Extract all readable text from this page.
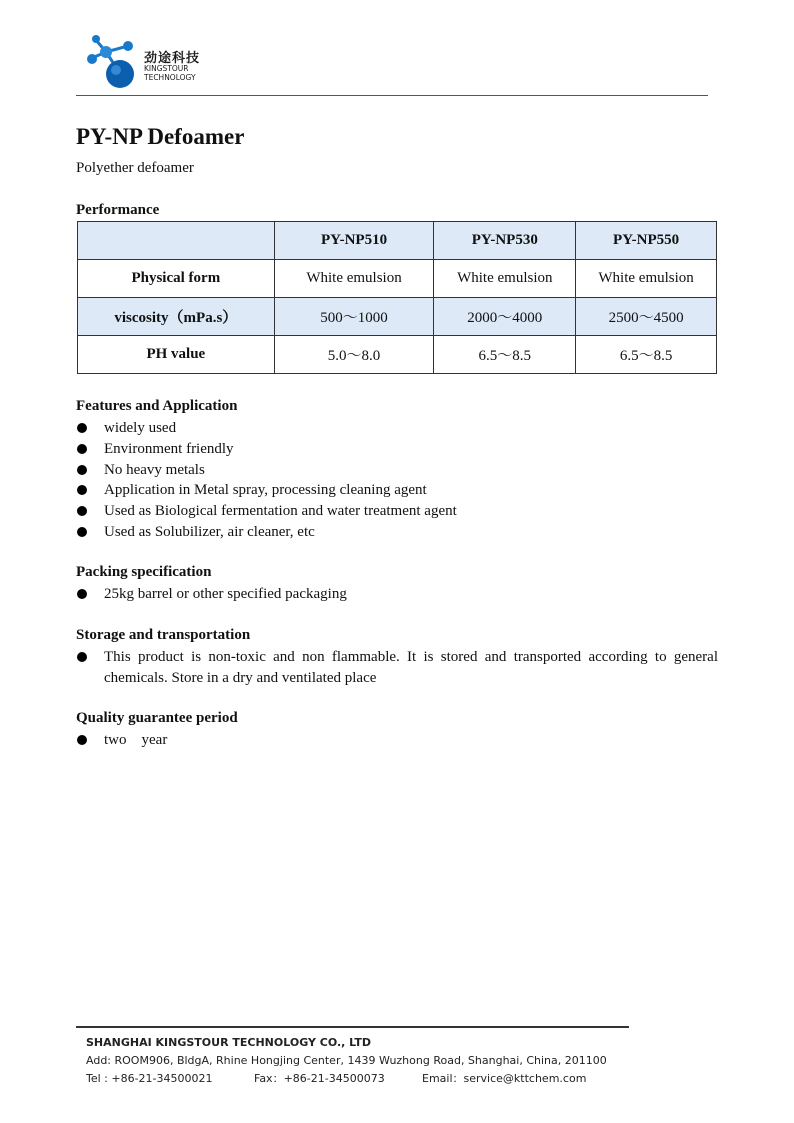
劲途科技
KINGSTOUR
TECHNOLOGY
PY-NP Defoamer
Polyether defoamer
Performance
	PY-NP510	PY-NP530	PY-NP550
Physical form	White emulsion	White emulsion	White emulsion
viscosity（mPa.s）	500～1000	2000～4000	2500～4500
PH value	5.0～8.0	6.5～8.5	6.5～8.5
Features and Application
widely used
Environment friendly
No heavy metals
Application in Metal spray, processing cleaning agent
Used as Biological fermentation and water treatment agent
Used as Solubilizer, air cleaner, etc
Packing specification
25kg barrel or other specified packaging
Storage and transportation
This product is non-toxic and non flammable. It is stored and transported according to general chemicals. Store in a dry and ventilated place
Quality guarantee period
two    year
SHANGHAI KINGSTOUR TECHNOLOGY CO., LTD
Add: ROOM906, BldgA, Rhine Hongjing Center, 1439 Wuzhong Road, Shanghai, China, 201100
Tel : +86-21-34500021	Fax：+86-21-34500073	Email：service@kttchem.com
